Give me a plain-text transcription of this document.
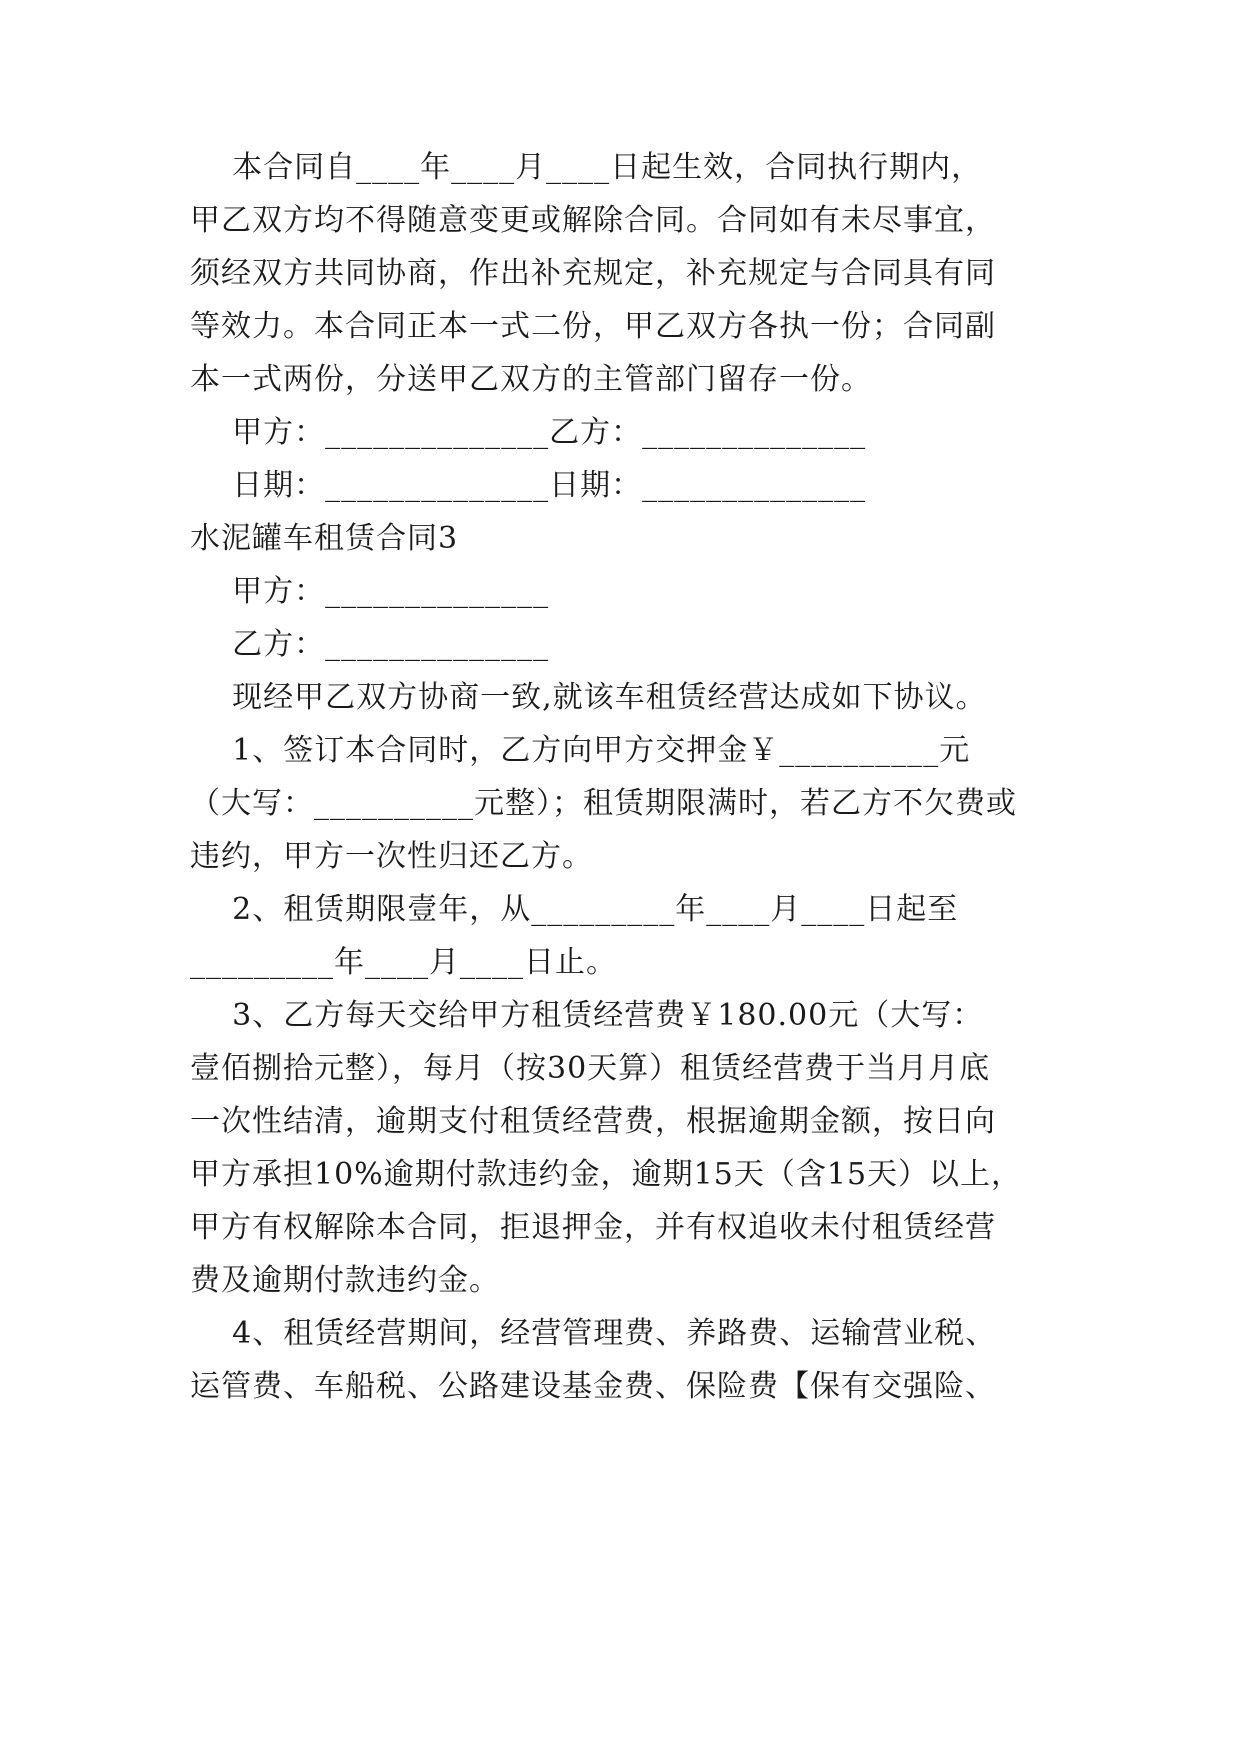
本合同自____年____月____日起生效，合同执行期内，
甲乙双方均不得随意变更或解除合同。合同如有未尽事宜，
须经双方共同协商，作出补充规定，补充规定与合同具有同
等效力。本合同正本一式二份，甲乙双方各执一份；合同副
本一式两份，分送甲乙双方的主管部门留存一份。
甲方：______________乙方：______________
日期：______________日期：______________
水泥罐车租赁合同3
甲方：______________
乙方：______________
现经甲乙双方协商一致,就该车租赁经营达成如下协议。
1、签订本合同时，乙方向甲方交押金￥__________元
（大写：__________元整）；租赁期限满时，若乙方不欠费或
违约，甲方一次性归还乙方。
2、租赁期限壹年，从_________年____月____日起至
_________年____月____日止。
3、乙方每天交给甲方租赁经营费￥180.00元（大写：
壹佰捌拾元整），每月（按30天算）租赁经营费于当月月底
一次性结清，逾期支付租赁经营费，根据逾期金额，按日向
甲方承担10%逾期付款违约金，逾期15天（含15天）以上，
甲方有权解除本合同，拒退押金，并有权追收未付租赁经营
费及逾期付款违约金。
4、租赁经营期间，经营管理费、养路费、运输营业税、
运管费、车船税、公路建设基金费、保险费【保有交强险、
